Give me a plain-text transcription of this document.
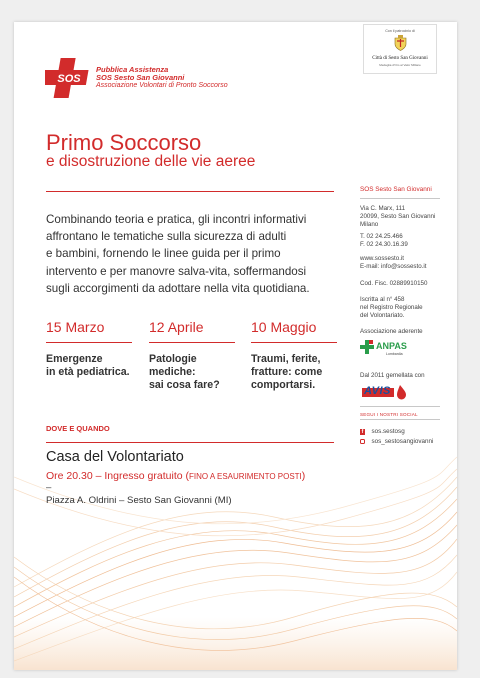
SOS
Pubblica Assistenza
SOS Sesto San Giovanni
Associazione Volontari di Pronto Soccorso
Con il patrocinio di
Città di Sesto San Giovanni
Medaglia d'Oro al Valor Militare
Primo Soccorso
e disostruzione delle vie aeree
Combinando teoria e pratica, gli incontri informativi
affrontano le tematiche sulla sicurezza di adulti
e bambini, fornendo le linee guida per il primo
intervento e per manovre salva-vita, soffermandosi
sugli accorgimenti da adottare nella vita quotidiana.
15 Marzo
Emergenze
in età pediatrica.
12 Aprile
Patologie
mediche:
sai cosa fare?
10 Maggio
Traumi, ferite,
fratture: come
comportarsi.
DOVE E QUANDO
Casa del Volontariato
Ore 20.30 – Ingresso gratuito (FINO A ESAURIMENTO POSTI)
–
Piazza A. Oldrini – Sesto San Giovanni (MI)
SOS Sesto San Giovanni
Via C. Marx, 111
20099, Sesto San Giovanni
Milano
T. 02 24.25.466
F. 02 24.30.16.39
www.sossesto.it
E-mail: info@sossesto.it
Cod. Fisc. 02889910150
Iscritta al n° 458
nel Registro Regionale
del Volontariato.
Associazione aderente
ANPAS
Lombardia
Dal 2011 gemellata con
AVIS
SEGUI I NOSTRI SOCIAL
f sos.sestosg
sos_sestosangiovanni
